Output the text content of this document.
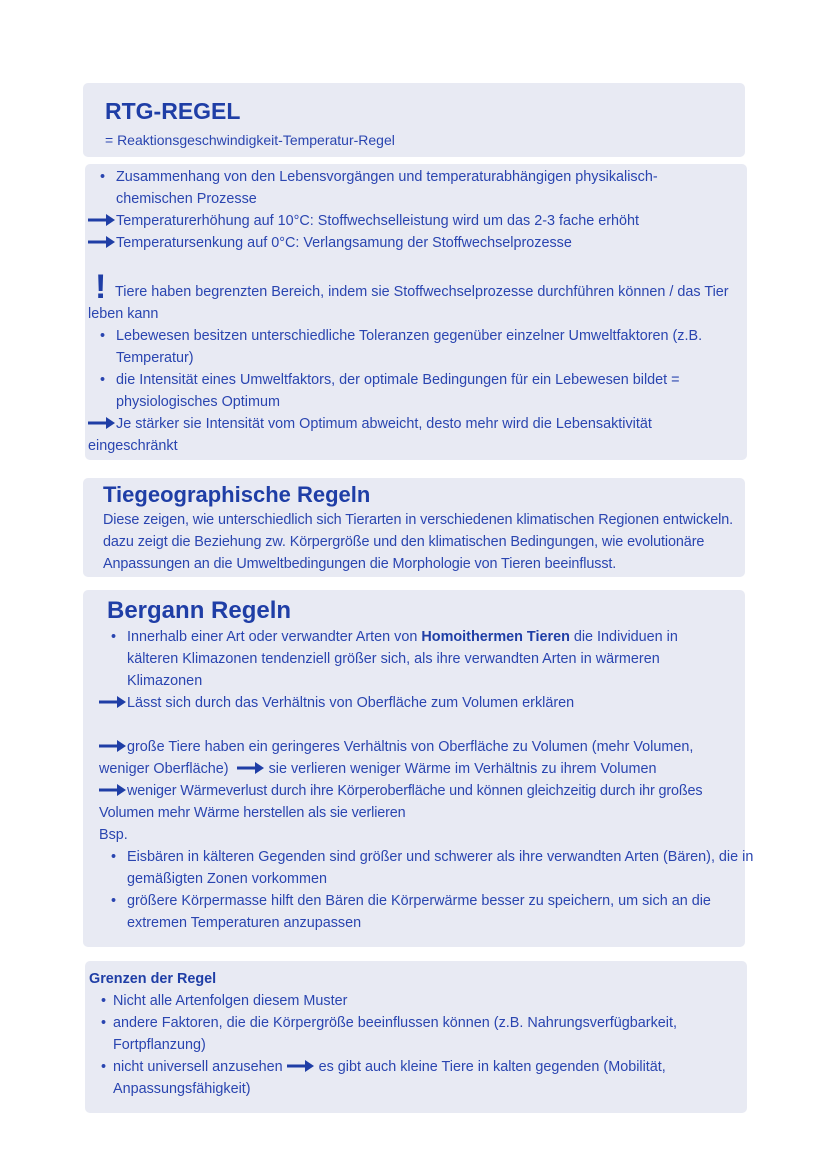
RTG-REGEL
= Reaktionsgeschwindigkeit-Temperatur-Regel
• Zusammenhang von den Lebensvorgängen und temperaturabhängigen physikalisch-chemischen Prozesse
Temperaturerhöhung auf 10°C: Stoffwechselleistung wird um das 2-3 fache erhöht
Temperatursenkung auf 0°C: Verlangsamung der Stoffwechselprozesse
! Tiere haben begrenzten Bereich, indem sie Stoffwechselprozesse durchführen können / das Tier leben kann
• Lebewesen besitzen unterschiedliche Toleranzen gegenüber einzelner Umweltfaktoren (z.B. Temperatur)
• die Intensität eines Umweltfaktors, der optimale Bedingungen für ein Lebewesen bildet = physiologisches Optimum
Je stärker sie Intensität vom Optimum abweicht, desto mehr wird die Lebensaktivität eingeschränkt
Tiegeographische Regeln
Diese zeigen, wie unterschiedlich sich Tierarten in verschiedenen klimatischen Regionen entwickeln. dazu zeigt die Beziehung zw. Körpergröße und den klimatischen Bedingungen, wie evolutionäre Anpassungen an die Umweltbedingungen die Morphologie von Tieren beeinflusst.
Bergann Regeln
• Innerhalb einer Art oder verwandter Arten von Homoithermen Tieren die Individuen in kälteren Klimazonen tendenziell größer sich, als ihre verwandten Arten in wärmeren Klimazonen
Lässt sich durch das Verhältnis von Oberfläche zum Volumen erklären
große Tiere haben ein geringeres Verhältnis von Oberfläche zu Volumen (mehr Volumen, weniger Oberfläche)	sie verlieren weniger Wärme im Verhältnis zu ihrem Volumen
weniger Wärmeverlust durch ihre Körperoberfläche und können gleichzeitig durch ihr großes Volumen mehr Wärme herstellen als sie verlieren
Bsp.
• Eisbären in kälteren Gegenden sind größer und schwerer als ihre verwandten Arten (Bären), die in gemäßigten Zonen vorkommen
• größere Körpermasse hilft den Bären die Körperwärme besser zu speichern, um sich an die extremen Temperaturen anzupassen
Grenzen der Regel
• Nicht alle Artenfolgen diesem Muster
• andere Faktoren, die die Körpergröße beeinflussen können (z.B. Nahrungsverfügbarkeit, Fortpflanzung)
• nicht universell anzusehen	es gibt auch kleine Tiere in kalten gegenden (Mobilität, Anpassungsfähigkeit)
